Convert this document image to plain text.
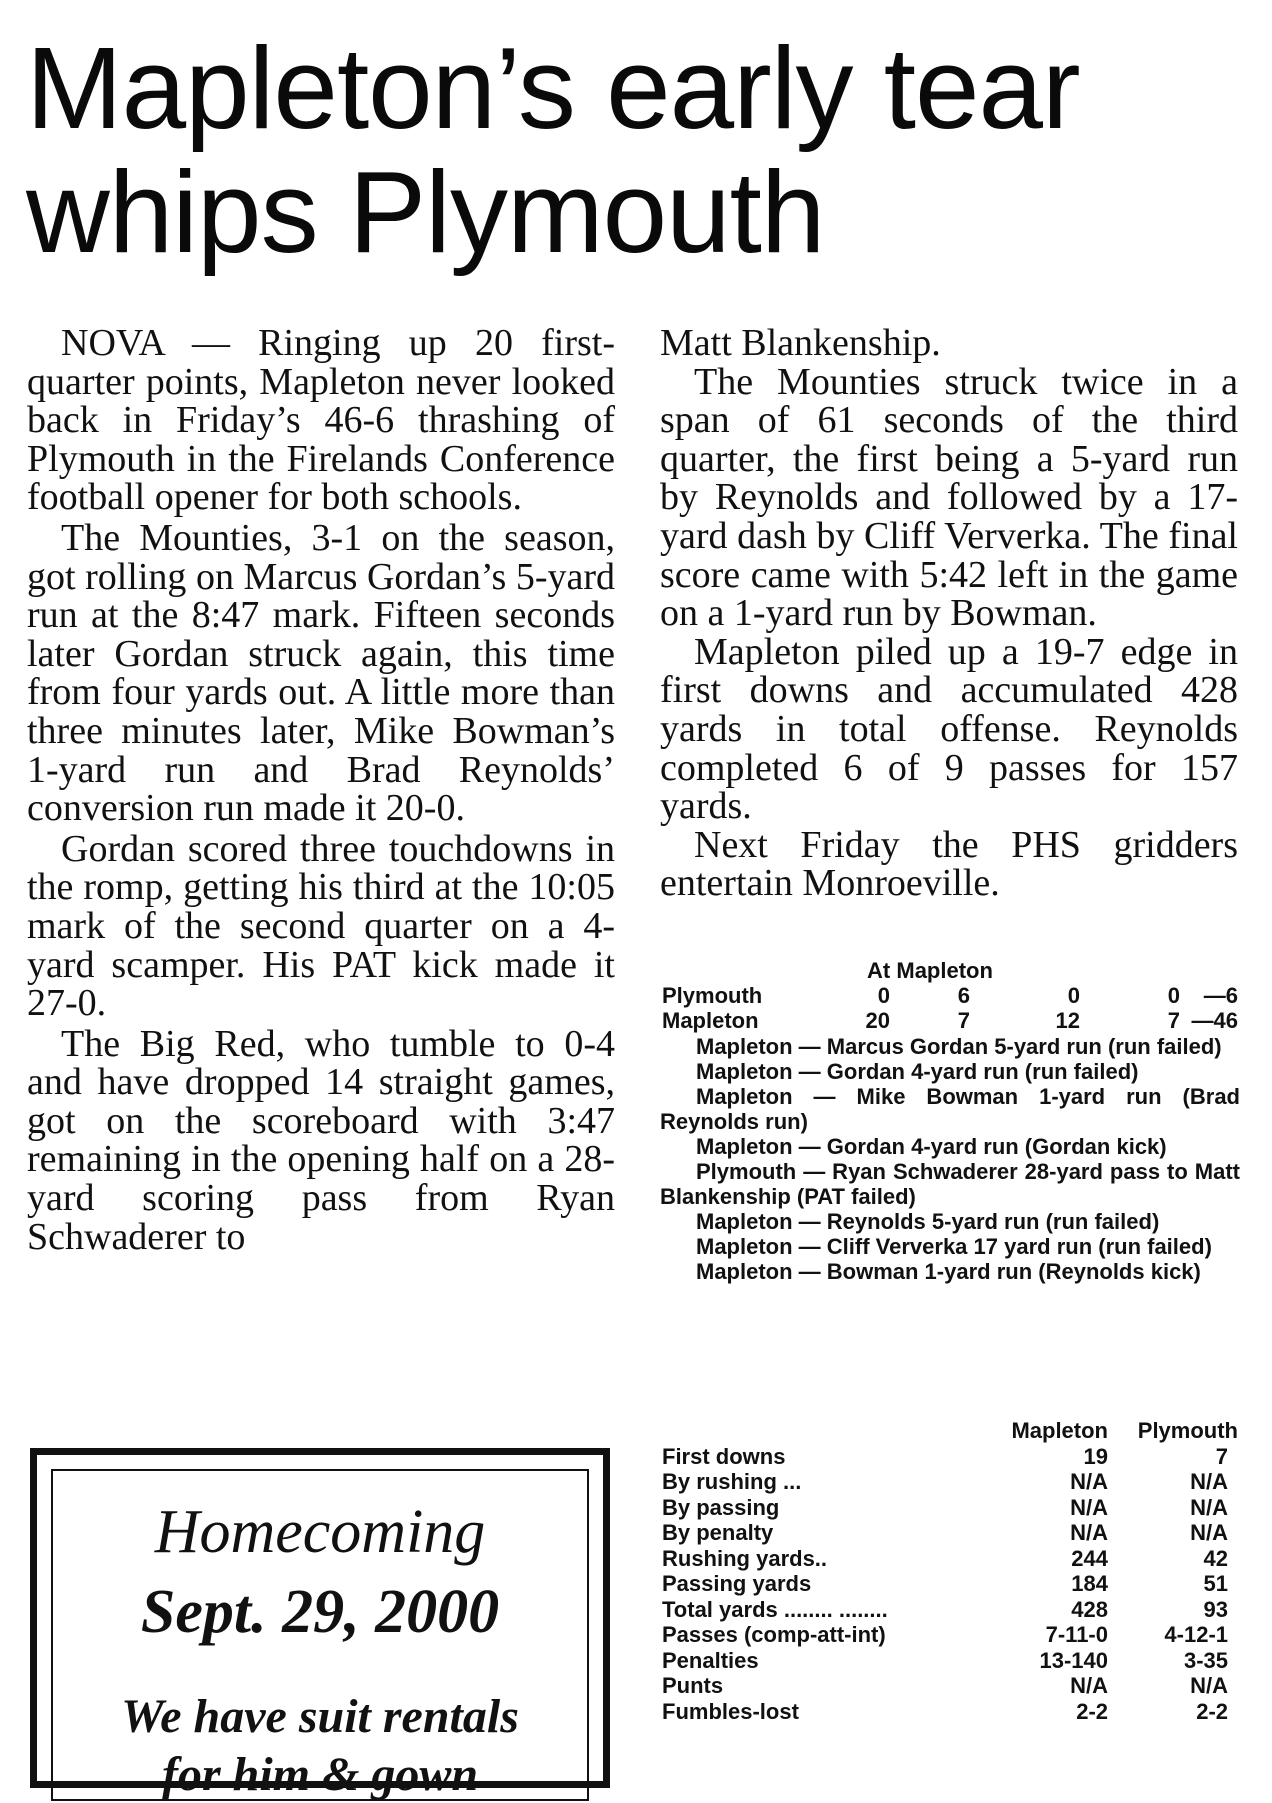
Mapleton’s early tear whips Plymouth

NOVA — Ringing up 20 first-quarter points, Mapleton never looked back in Friday’s 46-6 thrashing of Plymouth in the Firelands Conference football opener for both schools.

The Mounties, 3-1 on the season, got rolling on Marcus Gordan’s 5-yard run at the 8:47 mark. Fifteen seconds later Gordan struck again, this time from four yards out. A little more than three minutes later, Mike Bowman’s 1-yard run and Brad Reynolds’ conversion run made it 20-0.

Gordan scored three touchdowns in the romp, getting his third at the 10:05 mark of the second quarter on a 4-yard scamper. His PAT kick made it 27-0.

The Big Red, who tumble to 0-4 and have dropped 14 straight games, got on the scoreboard with 3:47 remaining in the opening half on a 28-yard scoring pass from Ryan Schwaderer to

Matt Blankenship.

The Mounties struck twice in a span of 61 seconds of the third quarter, the first being a 5-yard run by Reynolds and followed by a 17-yard dash by Cliff Ververka. The final score came with 5:42 left in the game on a 1-yard run by Bowman.

Mapleton piled up a 19-7 edge in first downs and accumulated 428 yards in total offense. Reynolds completed 6 of 9 passes for 157 yards.

Next Friday the PHS gridders entertain Monroeville.

At Mapleton
Plymouth	0	6	0	0	—6
Mapleton	20	7	12	7 —46

Mapleton — Marcus Gordan 5-yard run (run failed)

Mapleton — Gordan 4-yard run (run failed)

Mapleton — Mike Bowman 1-yard run (Brad Reynolds run)

Mapleton — Gordan 4-yard run (Gordan kick)

Plymouth — Ryan Schwaderer 28-yard pass to Matt Blankenship (PAT failed)

Mapleton — Reynolds 5-yard run (run failed)

Mapleton — Cliff Ververka 17 yard run (run failed)

Mapleton — Bowman 1-yard run (Reynolds kick)

Mapleton	Plymouth
First downs	19	7
By rushing ...	N/A	N/A
By passing	N/A	N/A
By penalty	N/A	N/A
Rushing yards..	244	42
Passing yards	184	51
Total yards ........ ........	428	93
Passes (comp-att-int)	7-11-0	4-12-1
Penalties	13-140	3-35
Punts	N/A	N/A
Fumbles-lost	2-2	2-2
Homecoming
Sept. 29, 2000
We have suit rentals
for him & gown
